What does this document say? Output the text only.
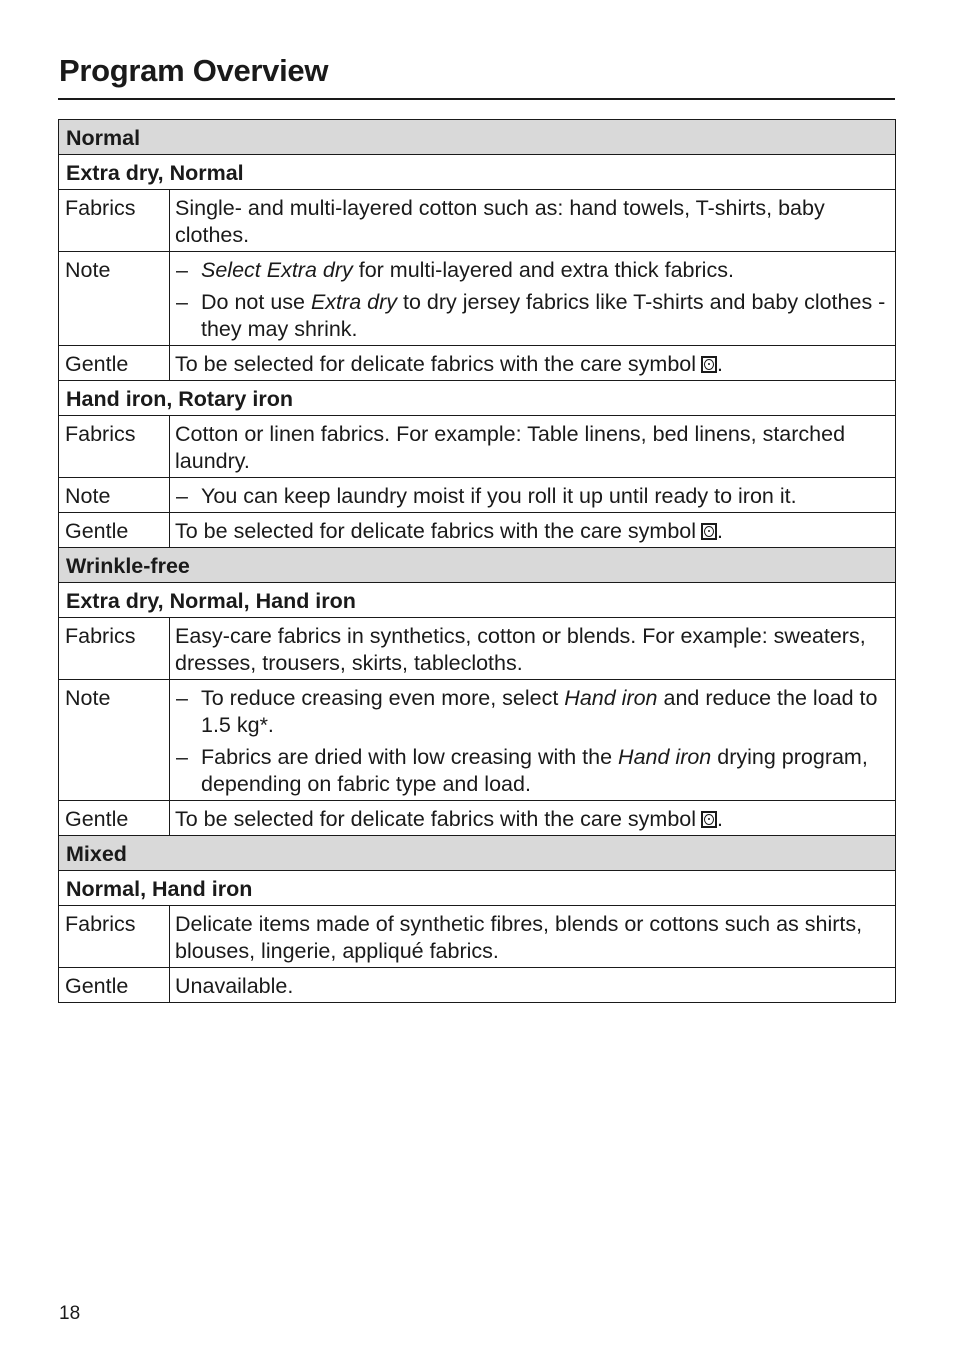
Program Overview
Normal	
Extra dry, Normal	
Fabrics	Single- and multi-layered cotton such as: hand towels, T-shirts, baby clothes.
Note	– Select Extra dry for multi-layered and extra thick fabrics.
– Do not use Extra dry to dry jersey fabrics like T-shirts and baby clothes - they may shrink.

Gentle	To be selected for delicate fabrics with the care symbol .
Hand iron, Rotary iron	
Fabrics	Cotton or linen fabrics. For example: Table linens, bed linens, starched laundry.
Note	– You can keep laundry moist if you roll it up until ready to iron it.

Gentle	To be selected for delicate fabrics with the care symbol .
Wrinkle-free	
Extra dry, Normal, Hand iron	
Fabrics	Easy-care fabrics in synthetics, cotton or blends. For example: sweaters, dresses, trousers, skirts, tablecloths.
Note	– To reduce creasing even more, select Hand iron and reduce the load to 1.5 kg*.
– Fabrics are dried with low creasing with the Hand iron drying program, depending on fabric type and load.

Gentle	To be selected for delicate fabrics with the care symbol .
Mixed	
Normal, Hand iron	
Fabrics	Delicate items made of synthetic fibres, blends or cottons such as shirts, blouses, lingerie, appliqué fabrics.
Gentle	Unavailable.
18
